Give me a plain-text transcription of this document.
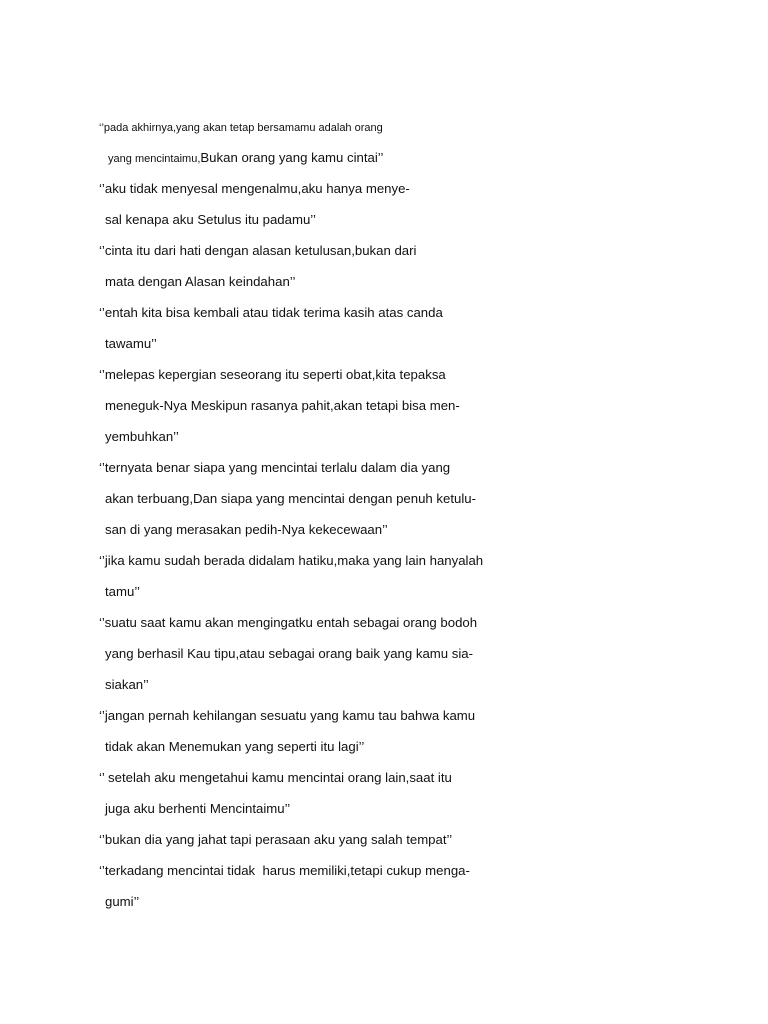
‘’pada akhirnya,yang akan tetap bersamamu adalah orang
yang mencintaimu,Bukan orang yang kamu cintai’’
‘’aku tidak menyesal mengenalmu,aku hanya menye-
sal kenapa aku Setulus itu padamu’’
‘’cinta itu dari hati dengan alasan ketulusan,bukan dari
mata dengan Alasan keindahan’’
‘’entah kita bisa kembali atau tidak terima kasih atas canda
tawamu’’
‘’melepas kepergian seseorang itu seperti obat,kita tepaksa
meneguk-Nya Meskipun rasanya pahit,akan tetapi bisa men-
yembuhkan’’
‘’ternyata benar siapa yang mencintai terlalu dalam dia yang
akan terbuang,Dan siapa yang mencintai dengan penuh ketulu-
san di yang merasakan pedih-Nya kekecewaan’’
‘’jika kamu sudah berada didalam hatiku,maka yang lain hanyalah
tamu’’
‘’suatu saat kamu akan mengingatku entah sebagai orang bodoh
yang berhasil Kau tipu,atau sebagai orang baik yang kamu sia-
siakan’’
‘’jangan pernah kehilangan sesuatu yang kamu tau bahwa kamu
tidak akan Menemukan yang seperti itu lagi’’
‘’ setelah aku mengetahui kamu mencintai orang lain,saat itu
juga aku berhenti Mencintaimu’’
‘’bukan dia yang jahat tapi perasaan aku yang salah tempat’’
‘’terkadang mencintai tidak  harus memiliki,tetapi cukup menga-
gumi’’
